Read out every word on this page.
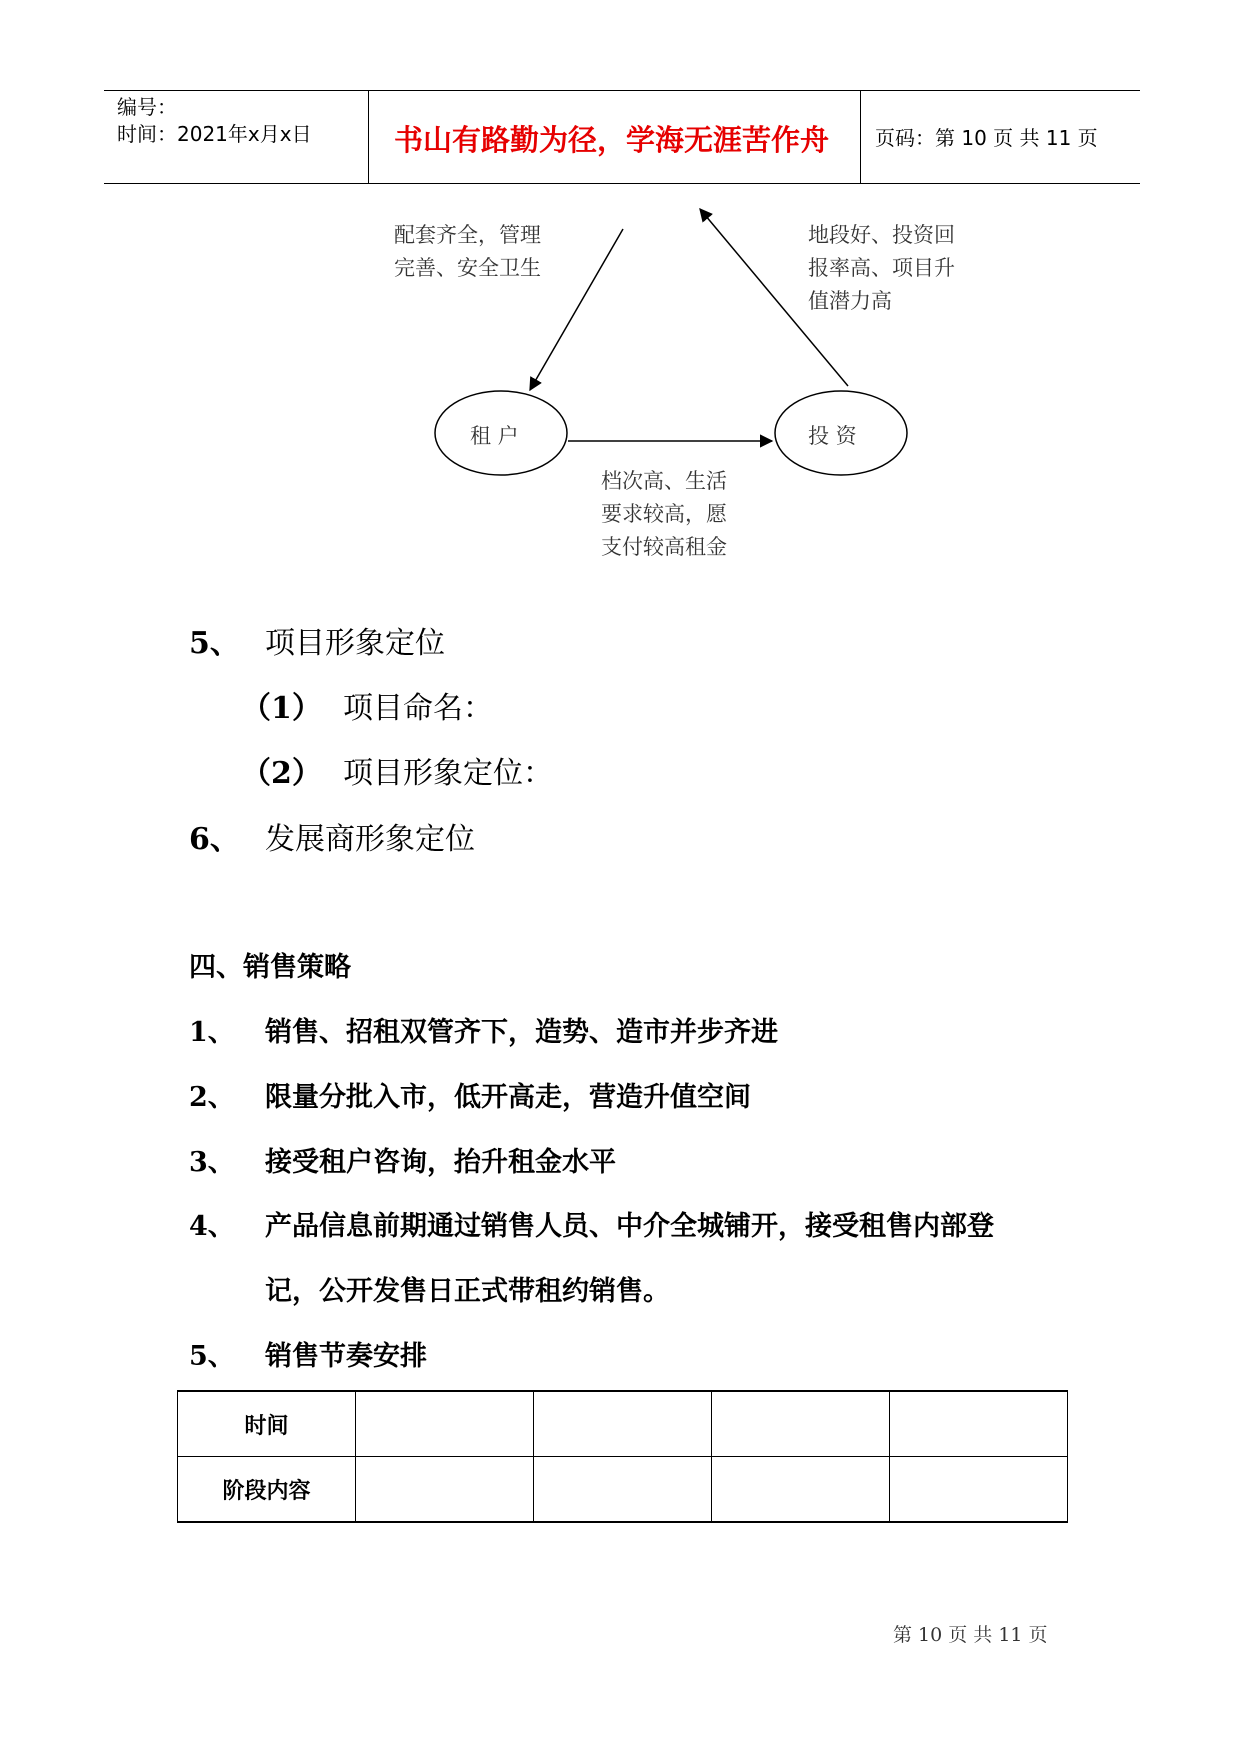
编号：
时间：2021年x月x日	书山有路勤为径，学海无涯苦作舟 页码：第 10 页 共 11 页
配套齐全，管理
完善、安全卫生
地段好、投资回
报率高、项目升
值潜力高
档次高、生活
要求较高，愿
支付较高租金
租 户	投 资
5、 项目形象定位
（1） 项目命名：
（2） 项目形象定位：
6、 发展商形象定位
四、销售策略
1、 销售、招租双管齐下，造势、造市并步齐进
2、 限量分批入市，低开高走，营造升值空间
3、 接受租户咨询，抬升租金水平
4、 产品信息前期通过销售人员、中介全城铺开，接受租售内部登
记，公开发售日正式带租约销售。
5、 销售节奏安排
时间				
阶段内容				
第 10 页 共 11 页
